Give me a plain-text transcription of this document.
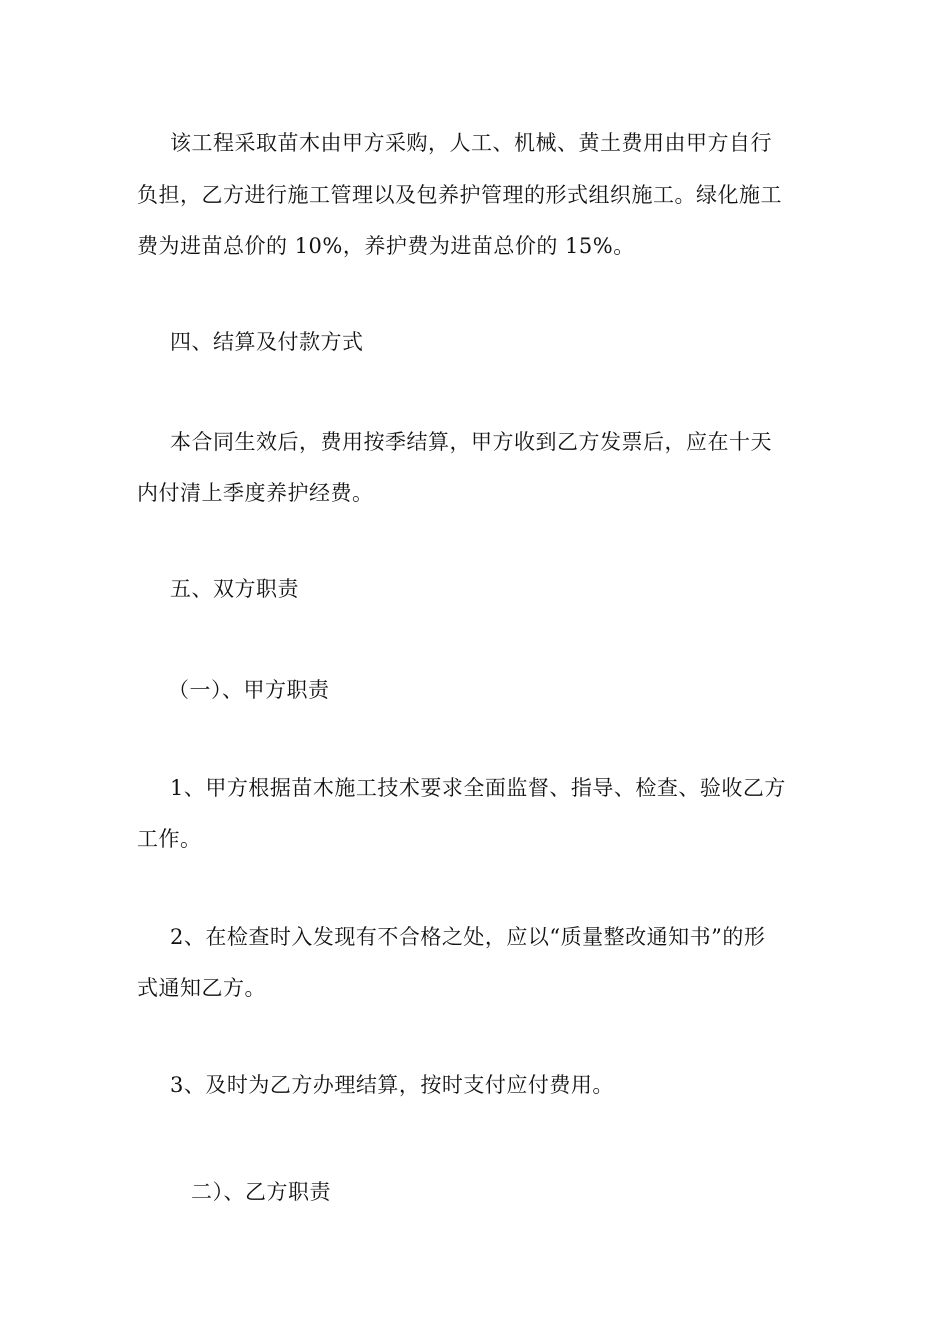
该工程采取苗木由甲方采购，人工、机械、黄土费用由甲方自行
负担，乙方进行施工管理以及包养护管理的形式组织施工。绿化施工
费为进苗总价的 10%，养护费为进苗总价的 15%。
四、结算及付款方式
本合同生效后，费用按季结算，甲方收到乙方发票后，应在十天
内付清上季度养护经费。
五、双方职责
（一）、甲方职责
1、甲方根据苗木施工技术要求全面监督、指导、检查、验收乙方
工作。
2、在检查时入发现有不合格之处，应以“质量整改通知书”的形
式通知乙方。
3、及时为乙方办理结算，按时支付应付费用。
二）、乙方职责
